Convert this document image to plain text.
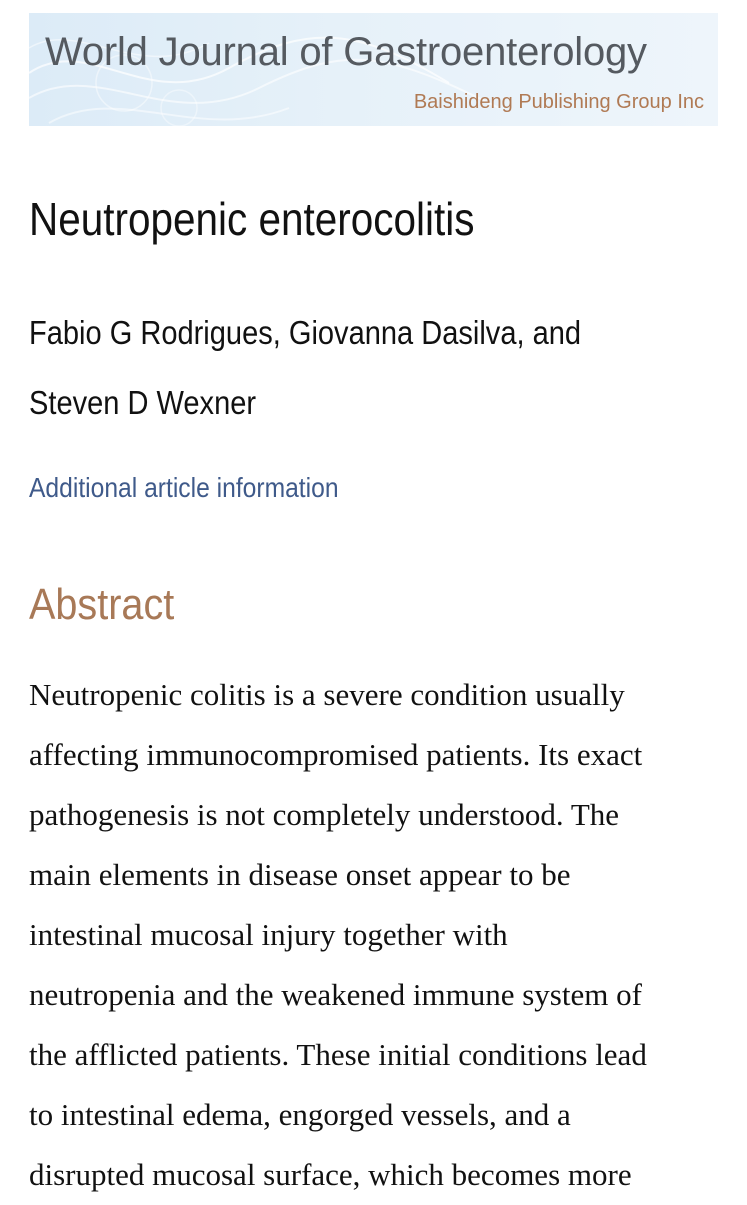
World Journal of Gastroenterology
Baishideng Publishing Group Inc
Neutropenic enterocolitis
Fabio G Rodrigues, Giovanna Dasilva, and
Steven D Wexner
Additional article information
Abstract

Neutropenic colitis is a severe condition usually
affecting immunocompromised patients. Its exact
pathogenesis is not completely understood. The
main elements in disease onset appear to be
intestinal mucosal injury together with
neutropenia and the weakened immune system of
the afflicted patients. These initial conditions lead
to intestinal edema, engorged vessels, and a
disrupted mucosal surface, which becomes more
